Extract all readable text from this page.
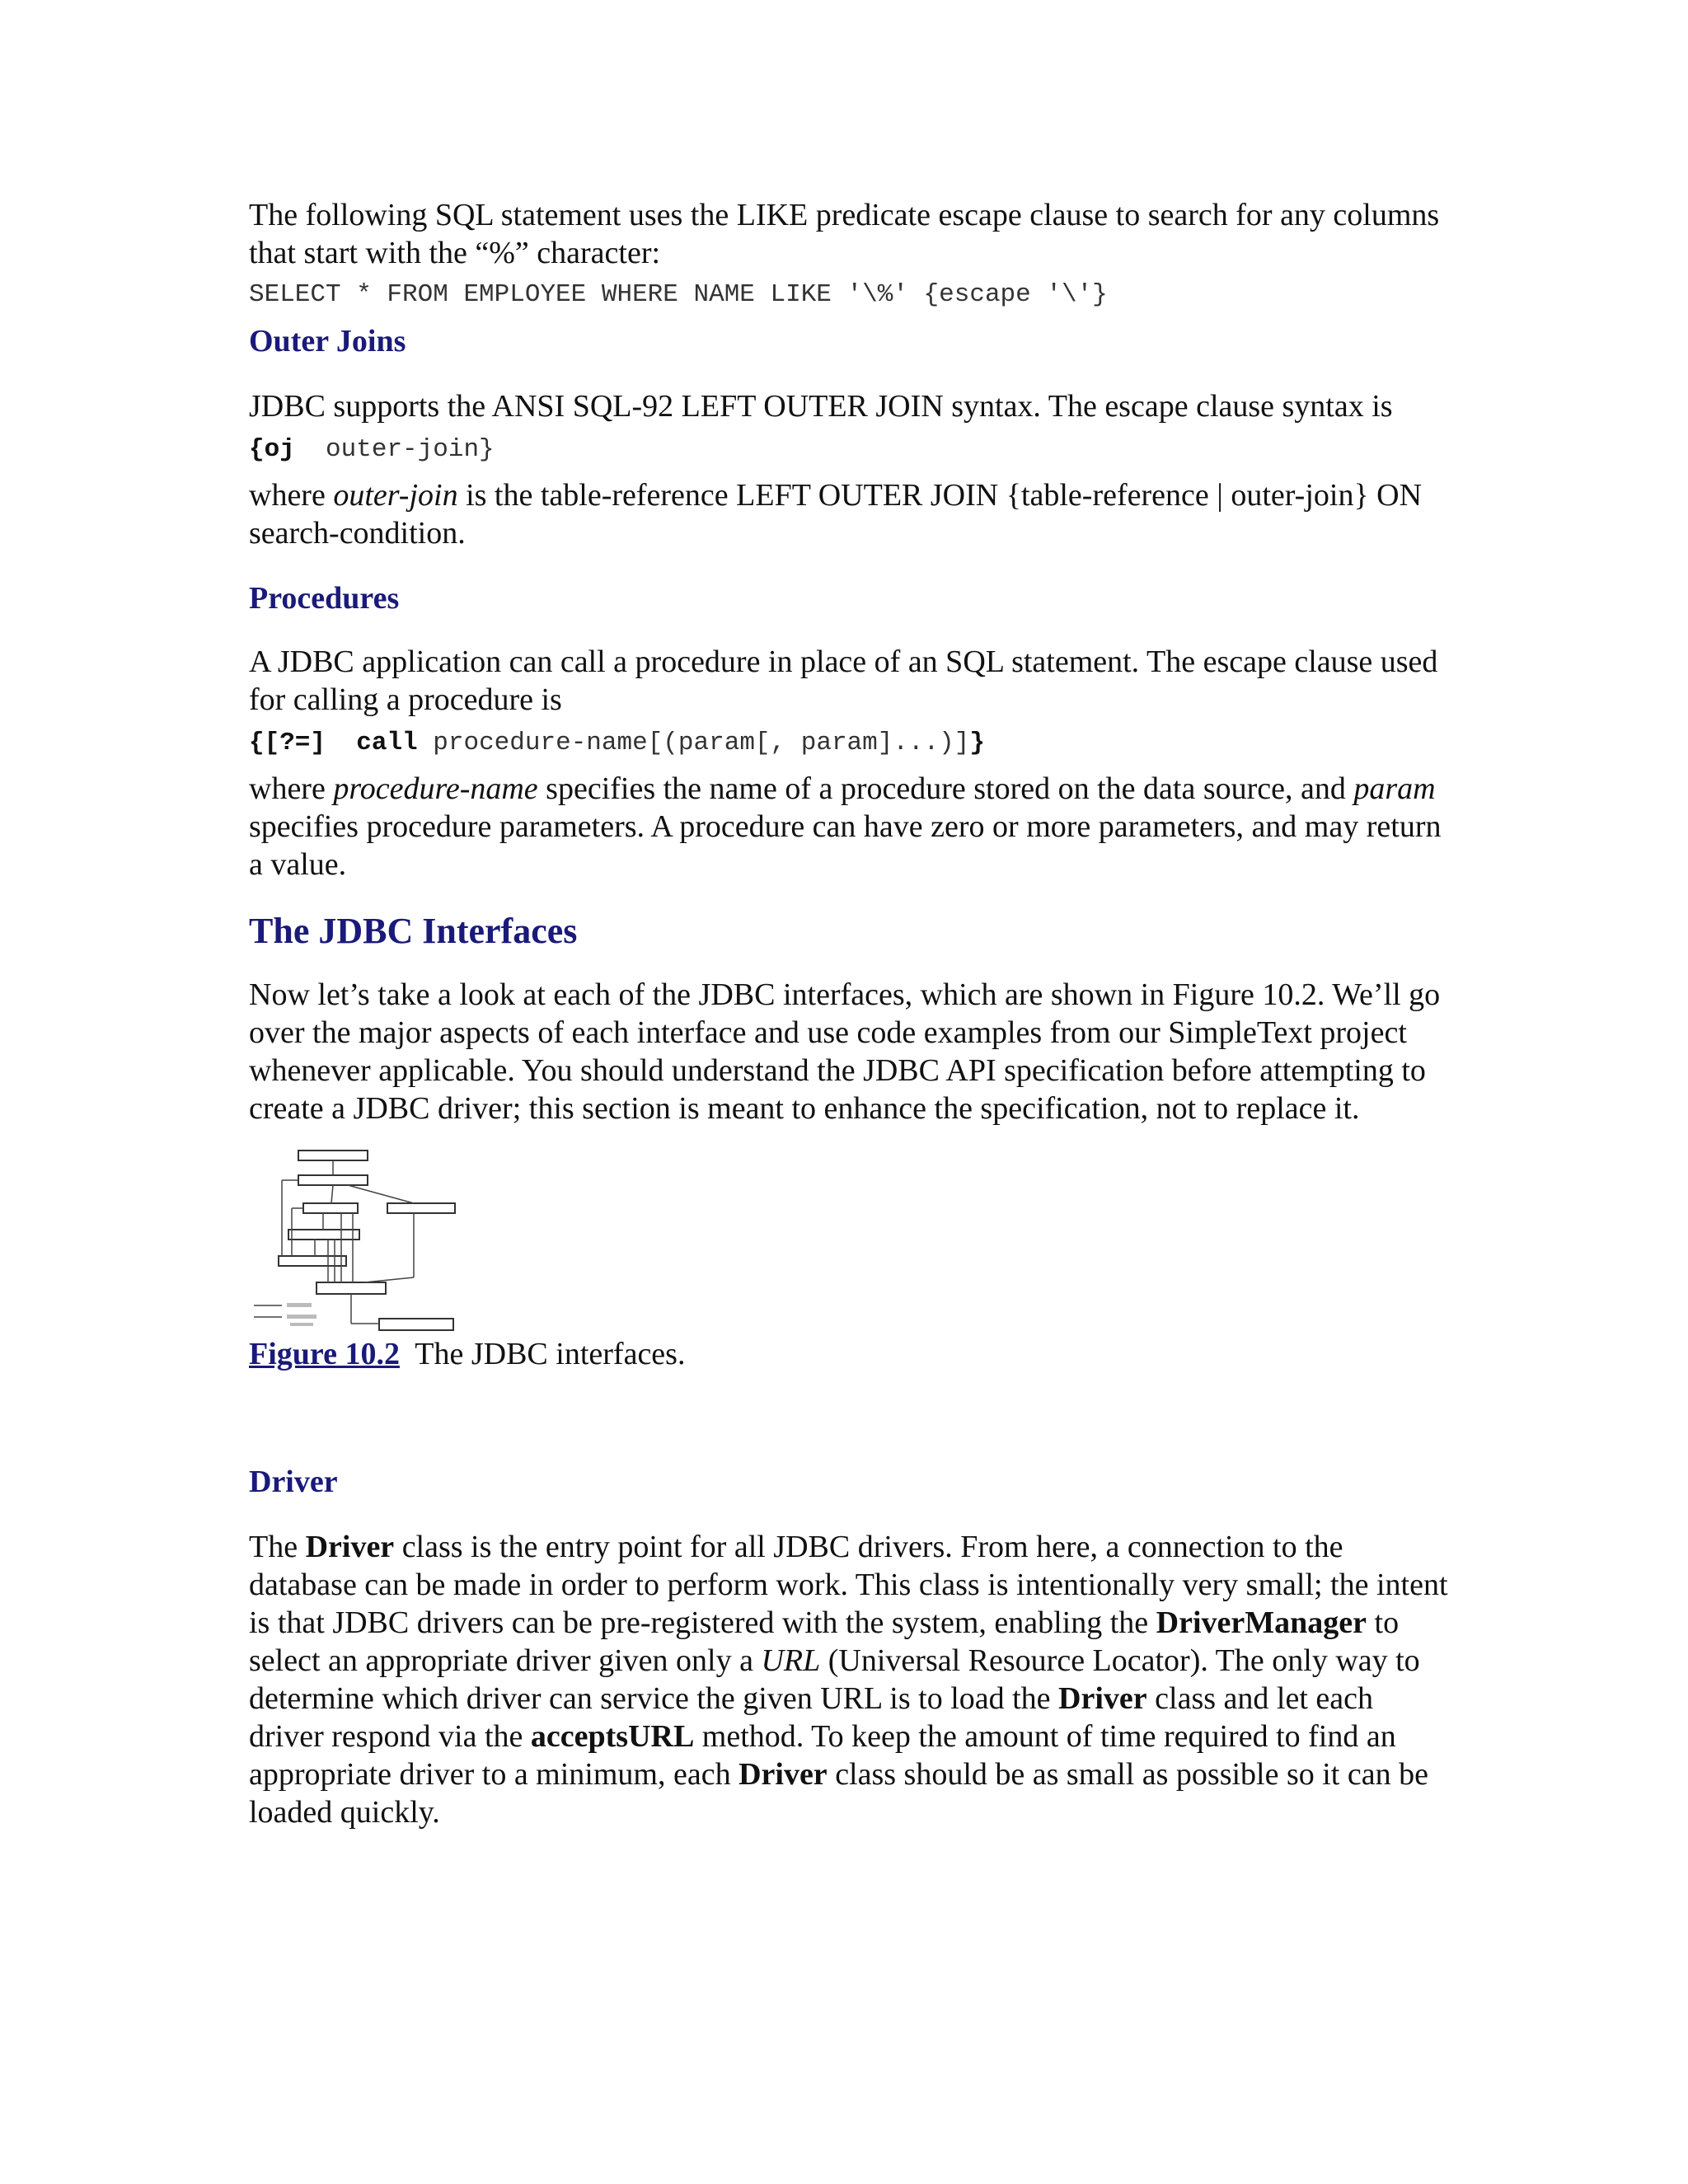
The following SQL statement uses the LIKE predicate escape clause to search for any columns that start with the “%” character:

SELECT * FROM EMPLOYEE WHERE NAME LIKE '\%' {escape '\'}
Outer Joins

JDBC supports the ANSI SQL-92 LEFT OUTER JOIN syntax. The escape clause syntax is

{oj outer-join}

where outer-join is the table-reference LEFT OUTER JOIN {table-reference | outer-join} ON search-condition.

Procedures

A JDBC application can call a procedure in place of an SQL statement. The escape clause used for calling a procedure is

{[?=] call procedure-name[(param[, param]...)]}

where procedure-name specifies the name of a procedure stored on the data source, and param specifies procedure parameters. A procedure can have zero or more parameters, and may return a value.

The JDBC Interfaces

Now let’s take a look at each of the JDBC interfaces, which are shown in Figure 10.2. We’ll go over the major aspects of each interface and use code examples from our SimpleText project whenever applicable. You should understand the JDBC API specification before attempting to create a JDBC driver; this section is meant to enhance the specification, not to replace it.

Figure 10.2 The JDBC interfaces.
Driver

The Driver class is the entry point for all JDBC drivers. From here, a connection to the database can be made in order to perform work. This class is intentionally very small; the intent is that JDBC drivers can be pre-registered with the system, enabling the DriverManager to select an appropriate driver given only a URL (Universal Resource Locator). The only way to determine which driver can service the given URL is to load the Driver class and let each driver respond via the acceptsURL method. To keep the amount of time required to find an appropriate driver to a minimum, each Driver class should be as small as possible so it can be loaded quickly.
